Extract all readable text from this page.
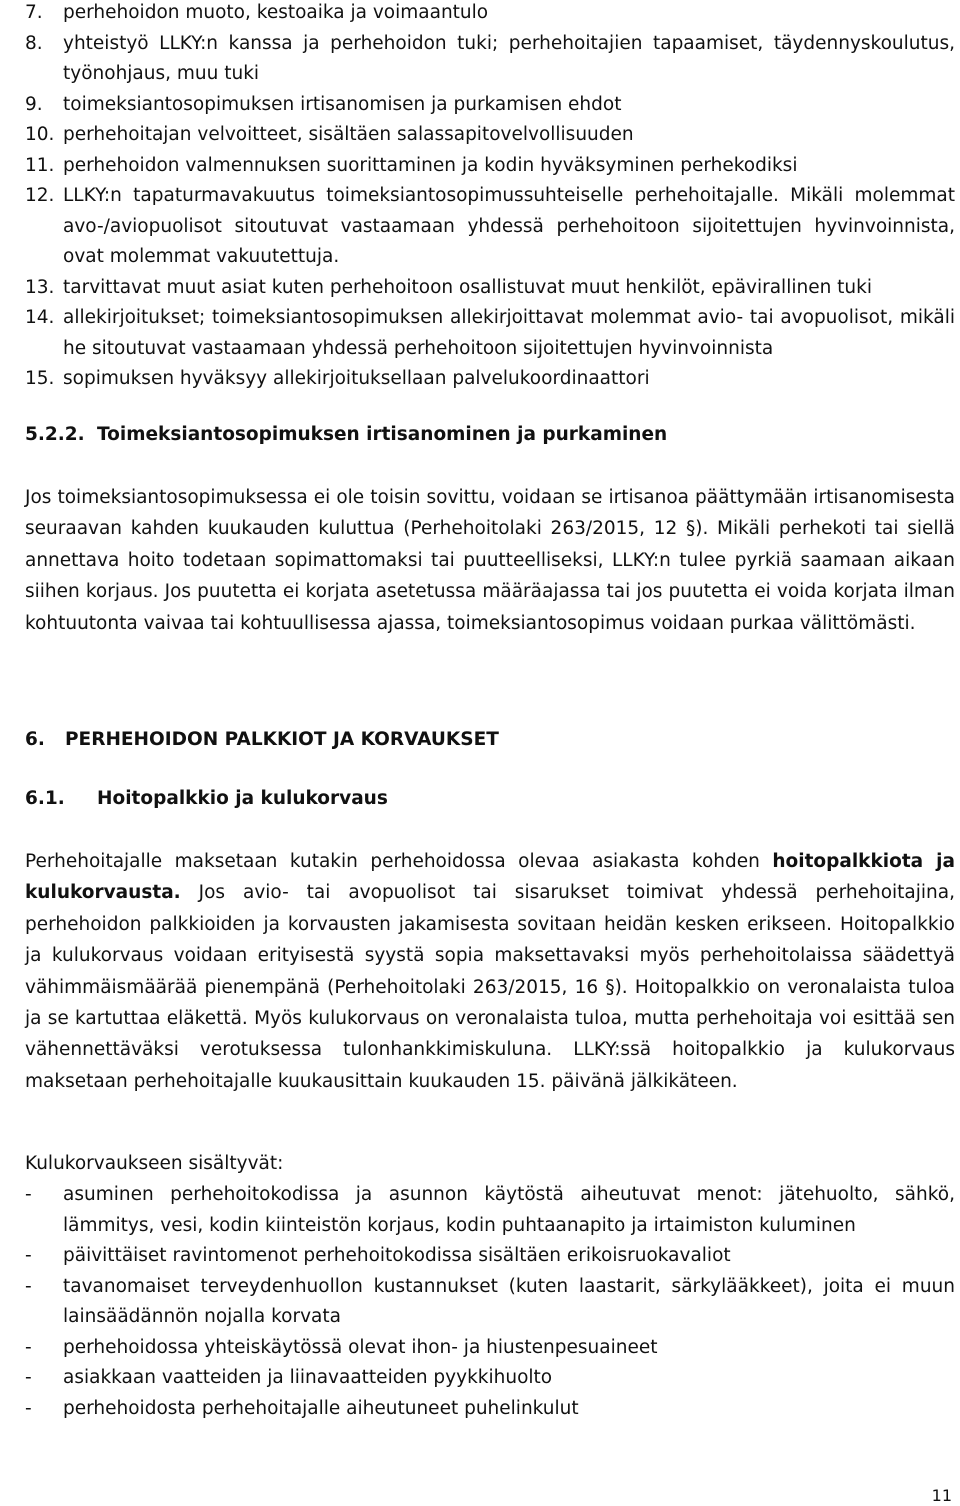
7.	perhehoidon muoto, kestoaika ja voimaantulo
8.	yhteistyö LLKY:n kanssa ja perhehoidon tuki; perhehoitajien tapaamiset, täydennyskoulutus, työnohjaus, muu tuki
9.	toimeksiantosopimuksen irtisanomisen ja purkamisen ehdot
10. perhehoitajan velvoitteet, sisältäen salassapitovelvollisuuden
11. perhehoidon valmennuksen suorittaminen ja kodin hyväksyminen perhekodiksi
12. LLKY:n tapaturmavakuutus toimeksiantosopimussuhteiselle perhehoitajalle. Mikäli molemmat avo-/aviopuolisot sitoutuvat vastaamaan yhdessä perhehoitoon sijoitettujen hyvinvoinnista, ovat molemmat vakuutettuja.
13. tarvittavat muut asiat kuten perhehoitoon osallistuvat muut henkilöt, epävirallinen tuki
14. allekirjoitukset; toimeksiantosopimuksen allekirjoittavat molemmat avio- tai avopuolisot, mikäli he sitoutuvat vastaamaan yhdessä perhehoitoon sijoitettujen hyvinvoinnista
15. sopimuksen hyväksyy allekirjoituksellaan palvelukoordinaattori
5.2.2. Toimeksiantosopimuksen irtisanominen ja purkaminen

Jos toimeksiantosopimuksessa ei ole toisin sovittu, voidaan se irtisanoa päättymään irtisanomisesta seuraavan kahden kuukauden kuluttua (Perhehoitolaki 263/2015, 12 §). Mikäli perhekoti tai siellä annettava hoito todetaan sopimattomaksi tai puutteelliseksi, LLKY:n tulee pyrkiä saamaan aikaan siihen korjaus. Jos puutetta ei korjata asetetussa määräajassa tai jos puutetta ei voida korjata ilman kohtuutonta vaivaa tai kohtuullisessa ajassa, toimeksiantosopimus voidaan purkaa välittömästi.

6. PERHEHOIDON PALKKIOT JA KORVAUKSET
6.1. Hoitopalkkio ja kulukorvaus

Perhehoitajalle maksetaan kutakin perhehoidossa olevaa asiakasta kohden hoitopalkkiota ja kulukorvausta. Jos avio- tai avopuolisot tai sisarukset toimivat yhdessä perhehoitajina, perhehoidon palkkioiden ja korvausten jakamisesta sovitaan heidän kesken erikseen. Hoitopalkkio ja kulukorvaus voidaan erityisestä syystä sopia maksettavaksi myös perhehoitolaissa säädettyä vähimmäismäärää pienempänä (Perhehoitolaki 263/2015, 16 §). Hoitopalkkio on veronalaista tuloa ja se kartuttaa eläkettä. Myös kulukorvaus on veronalaista tuloa, mutta perhehoitaja voi esittää sen vähennettäväksi verotuksessa tulonhankkimiskuluna. LLKY:ssä hoitopalkkio ja kulukorvaus maksetaan perhehoitajalle kuukausittain kuukauden 15. päivänä jälkikäteen.

Kulukorvaukseen sisältyvät:

-	asuminen perhehoitokodissa ja asunnon käytöstä aiheutuvat menot: jätehuolto, sähkö, lämmitys, vesi, kodin kiinteistön korjaus, kodin puhtaanapito ja irtaimiston kuluminen
-	päivittäiset ravintomenot perhehoitokodissa sisältäen erikoisruokavaliot
-	tavanomaiset terveydenhuollon kustannukset (kuten laastarit, särkylääkkeet), joita ei muun lainsäädännön nojalla korvata
-	perhehoidossa yhteiskäytössä olevat ihon- ja hiustenpesuaineet
-	asiakkaan vaatteiden ja liinavaatteiden pyykkihuolto
-	perhehoidosta perhehoitajalle aiheutuneet puhelinkulut
11
